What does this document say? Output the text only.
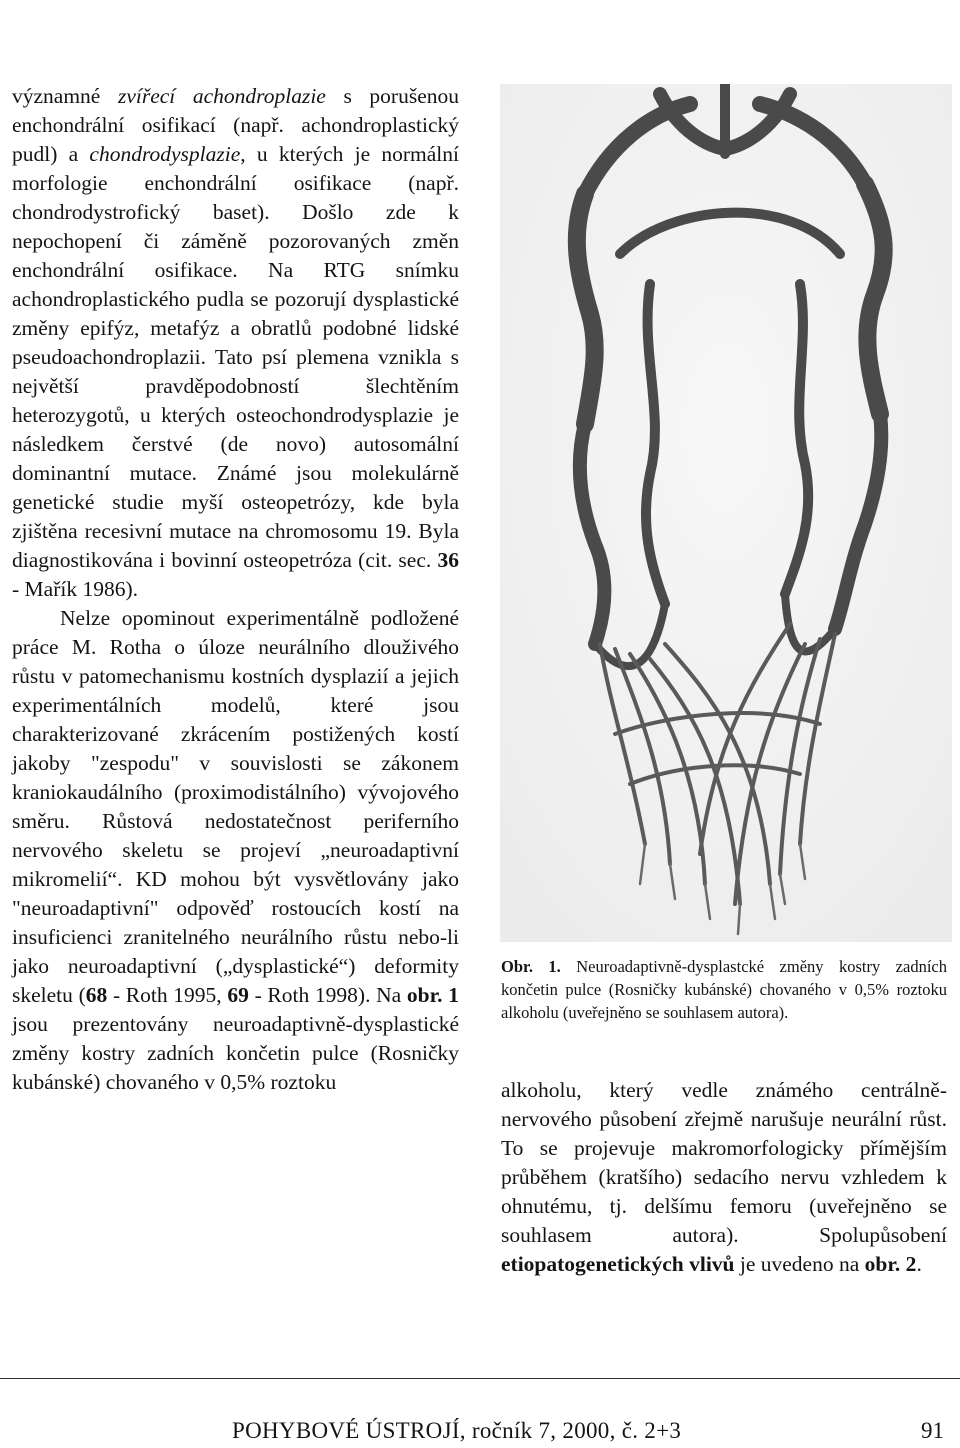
významné zvířecí achondroplazie s porušenou enchondrální osifikací (např. achondroplastický pudl) a chondrodysplazie, u kterých je normální morfologie enchondrální osifikace (např. chondrodystrofický baset). Došlo zde k nepochopení či záměně pozorovaných změn enchondrální osifikace. Na RTG snímku achondroplastického pudla se pozorují dysplastické změny epifýz, metafýz a obratlů podobné lidské pseudoachondroplazii. Tato psí plemena vznikla s největší pravděpodobností šlechtěním heterozygotů, u kterých osteochondrodysplazie je následkem čerstvé (de novo) autosomální dominantní mutace. Známé jsou molekulárně genetické studie myší osteopetrózy, kde byla zjištěna recesivní mutace na chromosomu 19. Byla diagnostikována i bovinní osteopetróza (cit. sec. 36 - Mařík 1986).

Nelze opominout experimentálně podložené práce M. Rotha o úloze neurálního dlouživého růstu v patomechanismu kostních dysplazií a jejich experimentálních modelů, které jsou charakterizované zkrácením postižených kostí jakoby "zespodu" v souvislosti se zákonem kraniokaudálního (proximodistálního) vývojového směru. Růstová nedostatečnost periferního nervového skeletu se projeví „neuroadaptivní mikromelií“. KD mohou být vysvětlovány jako "neuroadaptivní" odpověď rostoucích kostí na insuficienci zranitelného neurálního růstu nebo-li jako neuroadaptivní („dysplastické“) deformity skeletu (68 - Roth 1995, 69 - Roth 1998). Na obr. 1 jsou prezentovány neuroadaptivně-dysplastické změny kostry zadních končetin pulce (Rosničky kubánské) chovaného v 0,5% roztoku

Obr. 1. Neuroadaptivně-dysplastcké změny kostry zadních končetin pulce (Rosničky kubánské) chovaného v 0,5% roztoku alkoholu (uveřejněno se souhlasem autora).

alkoholu, který vedle známého centrálně-nervového působení zřejmě narušuje neurální růst. To se projevuje makromorfologicky přímějším průběhem (kratšího) sedacího nervu vzhledem k ohnutému, tj. delšímu femoru (uveřejněno se souhlasem autora). Spolupůsobení etiopatogenetických vlivů je uvedeno na obr. 2.

POHYBOVÉ ÚSTROJÍ, ročník 7, 2000, č. 2+3	91
